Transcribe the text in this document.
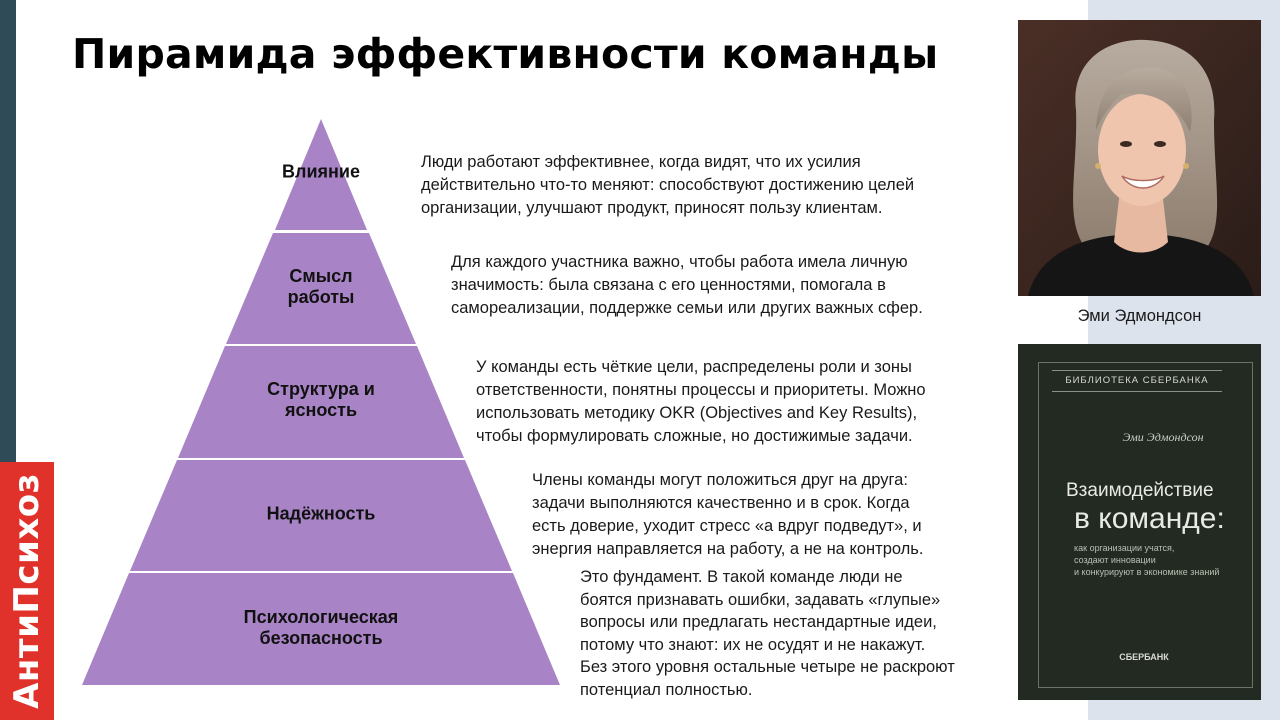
АнтиПсихоз
Пирамида эффективности команды
Влияние
Смысл
работы
Структура и
ясность
Надёжность
Психологическая
безопасность
Люди работают эффективнее, когда видят, что их усилия
действительно что-то меняют: способствуют достижению целей
организации, улучшают продукт, приносят пользу клиентам.
Для каждого участника важно, чтобы работа имела личную
значимость: была связана с его ценностями, помогала в
самореализации, поддержке семьи или других важных сфер.
У команды есть чёткие цели, распределены роли и зоны
ответственности, понятны процессы и приоритеты. Можно
использовать методику OKR (Objectives and Key Results),
чтобы формулировать сложные, но достижимые задачи.
Члены команды могут положиться друг на друга:
задачи выполняются качественно и в срок. Когда
есть доверие, уходит стресс «а вдруг подведут», и
энергия направляется на работу, а не на контроль.
Это фундамент. В такой команде люди не
боятся признавать ошибки, задавать «глупые»
вопросы или предлагать нестандартные идеи,
потому что знают: их не осудят и не накажут.
Без этого уровня остальные четыре не раскроют
потенциал полностью.
Эми Эдмондсон
БИБЛИОТЕКА СБЕРБАНКА
Эми Эдмондсон
Взаимодействие
в команде:
как организации учатся,
создают инновации
и конкурируют в экономике знаний
СБЕРБАНК
